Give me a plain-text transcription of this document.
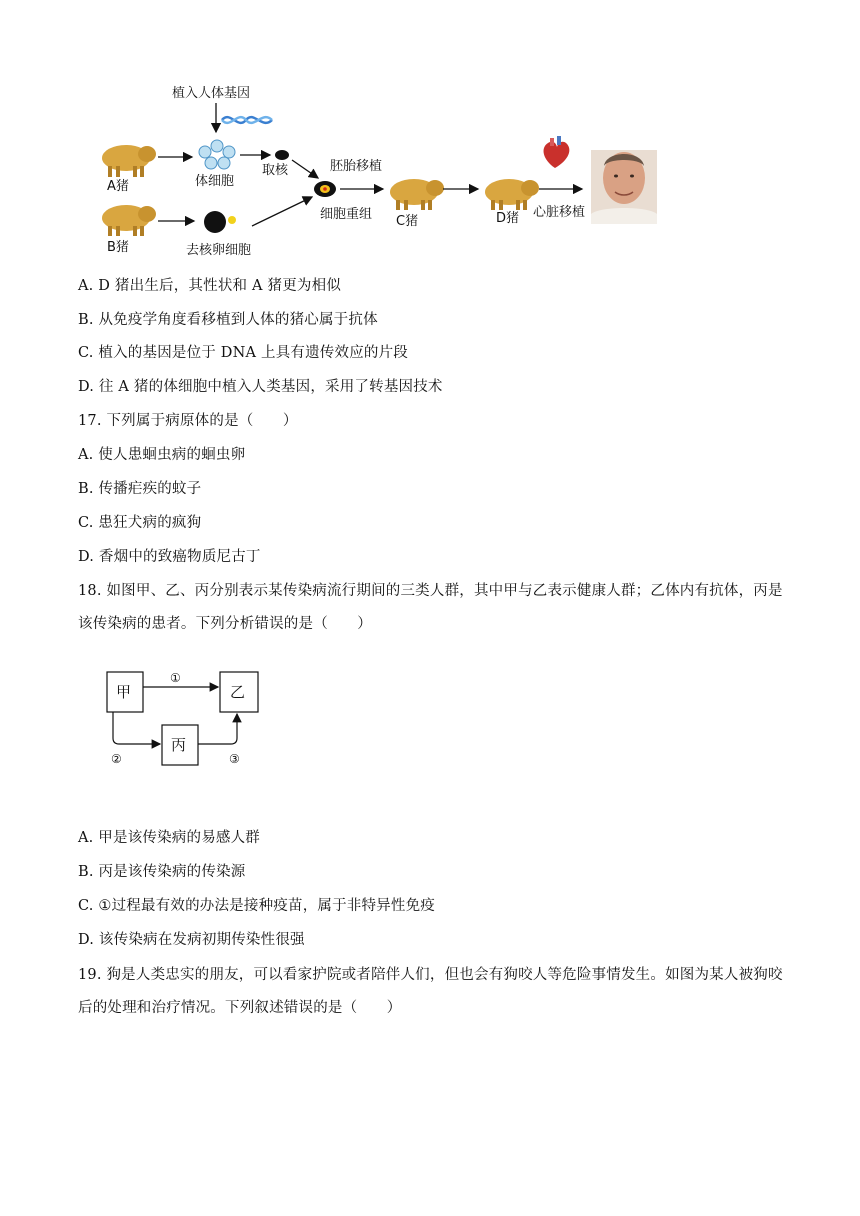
植入人体基因
A猪	体细胞
取核
B猪	去核卵细胞
胚胎移植
细胞重组 C猪	D猪 心脏移植
A. D 猪出生后，其性状和 A 猪更为相似
B. 从免疫学角度看移植到人体的猪心属于抗体
C. 植入的基因是位于 DNA 上具有遗传效应的片段
D. 往 A 猪的体细胞中植入人类基因，采用了转基因技术
17. 下列属于病原体的是（　　）
A. 使人患蛔虫病的蛔虫卵
B. 传播疟疾的蚊子
C. 患狂犬病的疯狗
D. 香烟中的致癌物质尼古丁
18. 如图甲、乙、丙分别表示某传染病流行期间的三类人群，其中甲与乙表示健康人群；乙体内有抗体，丙是该传染病的患者。下列分析错误的是（　　）
甲	乙
丙
①
②	③
A. 甲是该传染病的易感人群
B. 丙是该传染病的传染源
C. ①过程最有效的办法是接种疫苗，属于非特异性免疫
D. 该传染病在发病初期传染性很强
19. 狗是人类忠实的朋友，可以看家护院或者陪伴人们，但也会有狗咬人等危险事情发生。如图为某人被狗咬后的处理和治疗情况。下列叙述错误的是（　　）
